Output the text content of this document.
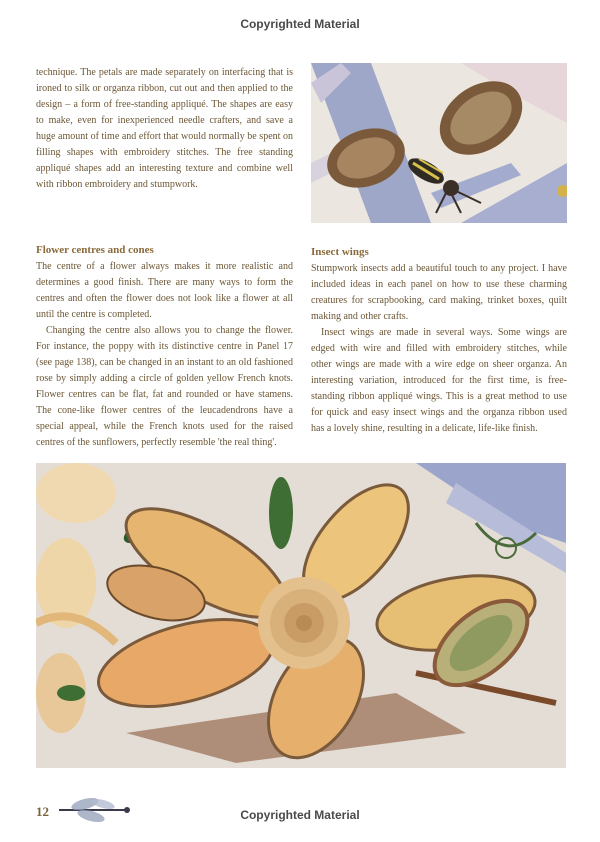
Copyrighted Material

technique. The petals are made separately on interfacing that is ironed to silk or organza ribbon, cut out and then applied to the design – a form of free-standing appliqué. The shapes are easy to make, even for inexperienced needle crafters, and save a huge amount of time and effort that would normally be spent on filling shapes with embroidery stitches. The free standing appliqué shapes add an interesting texture and combine well with ribbon embroidery and stumpwork.

Flower centres and cones

The centre of a flower always makes it more realistic and determines a good finish. There are many ways to form the centres and often the flower does not look like a flower at all until the centre is completed.

Changing the centre also allows you to change the flower. For instance, the poppy with its distinctive centre in Panel 17 (see page 138), can be changed in an instant to an old fashioned rose by simply adding a circle of golden yellow French knots. Flower centres can be flat, fat and rounded or have stamens. The cone-like flower centres of the leucadendrons have a special appeal, while the French knots used for the raised centres of the sunflowers, perfectly resemble 'the real thing'.

Insect wings

Stumpwork insects add a beautiful touch to any project. I have included ideas in each panel on how to use these charming creatures for scrapbooking, card making, trinket boxes, quilt making and other crafts.

Insect wings are made in several ways. Some wings are edged with wire and filled with embroidery stitches, while other wings are made with a wire edge on sheer organza. An interesting variation, introduced for the first time, is free-standing ribbon appliqué wings. This is a great method to use for quick and easy insect wings and the organza ribbon used has a lovely shine, resulting in a delicate, life-like finish.

12	Copyrighted Material
